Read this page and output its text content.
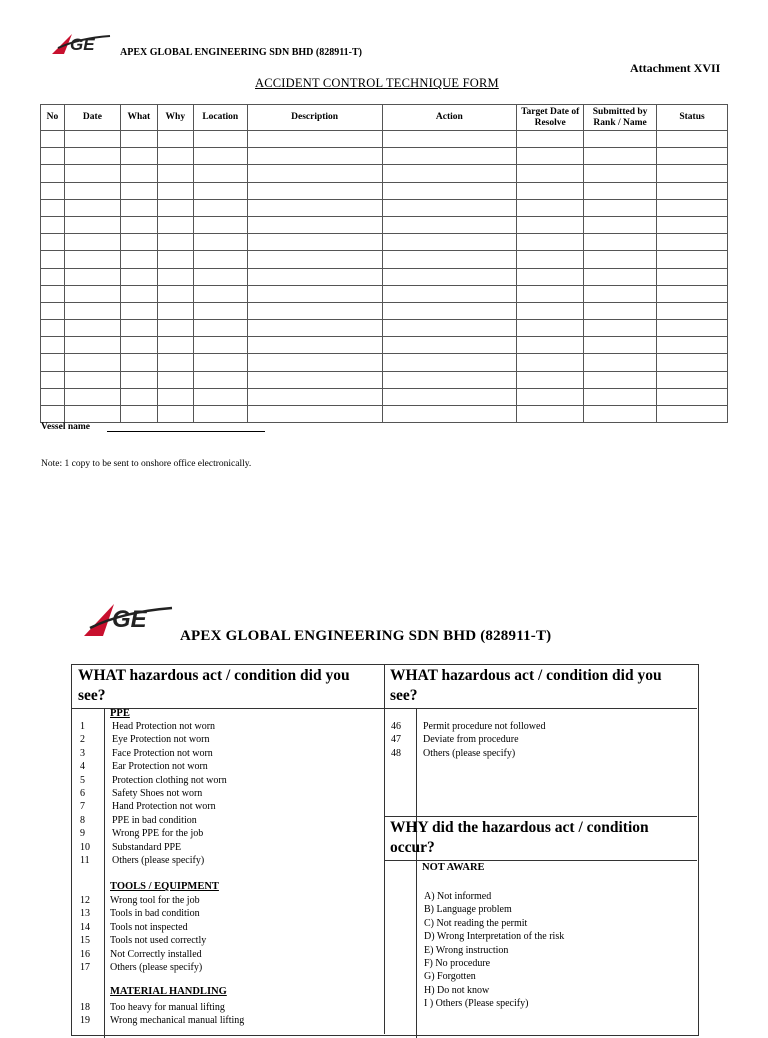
GE	APEX GLOBAL ENGINEERING SDN BHD (828911-T)
Attachment XVII
ACCIDENT CONTROL TECHNIQUE FORM
No	Date	What	Why	Location	Description	Action	Target Date of Resolve	Submitted by Rank / Name	Status

Vessel name
Note: 1 copy to be sent to onshore office electronically.
GE
APEX GLOBAL ENGINEERING SDN BHD (828911-T)
WHAT hazardous act / condition did you see?
WHAT hazardous act / condition did you see?
WHY did the hazardous act / condition occur?
PPE
1	Head Protection not worn
2	Eye Protection not worn
3	Face Protection not worn
4	Ear Protection not worn
5	Protection clothing not worn
6	Safety Shoes not worn
7	Hand Protection not worn
8	PPE in bad condition
9	Wrong PPE for the job
10	Substandard PPE
11	Others (please specify)
TOOLS / EQUIPMENT
12	Wrong tool for the job
13	Tools in bad condition
14	Tools not inspected
15	Tools not used correctly
16	Not Correctly installed
17	Others (please specify)
MATERIAL HANDLING
18	Too heavy for manual lifting
19	Wrong mechanical manual lifting
46	Permit procedure not followed
47	Deviate from procedure
48	Others (please specify)
NOT AWARE
A) Not informed
B) Language problem
C) Not reading the permit
D) Wrong Interpretation of the risk
E) Wrong instruction
F) No procedure
G) Forgotten
H) Do not know
I ) Others (Please specify)
